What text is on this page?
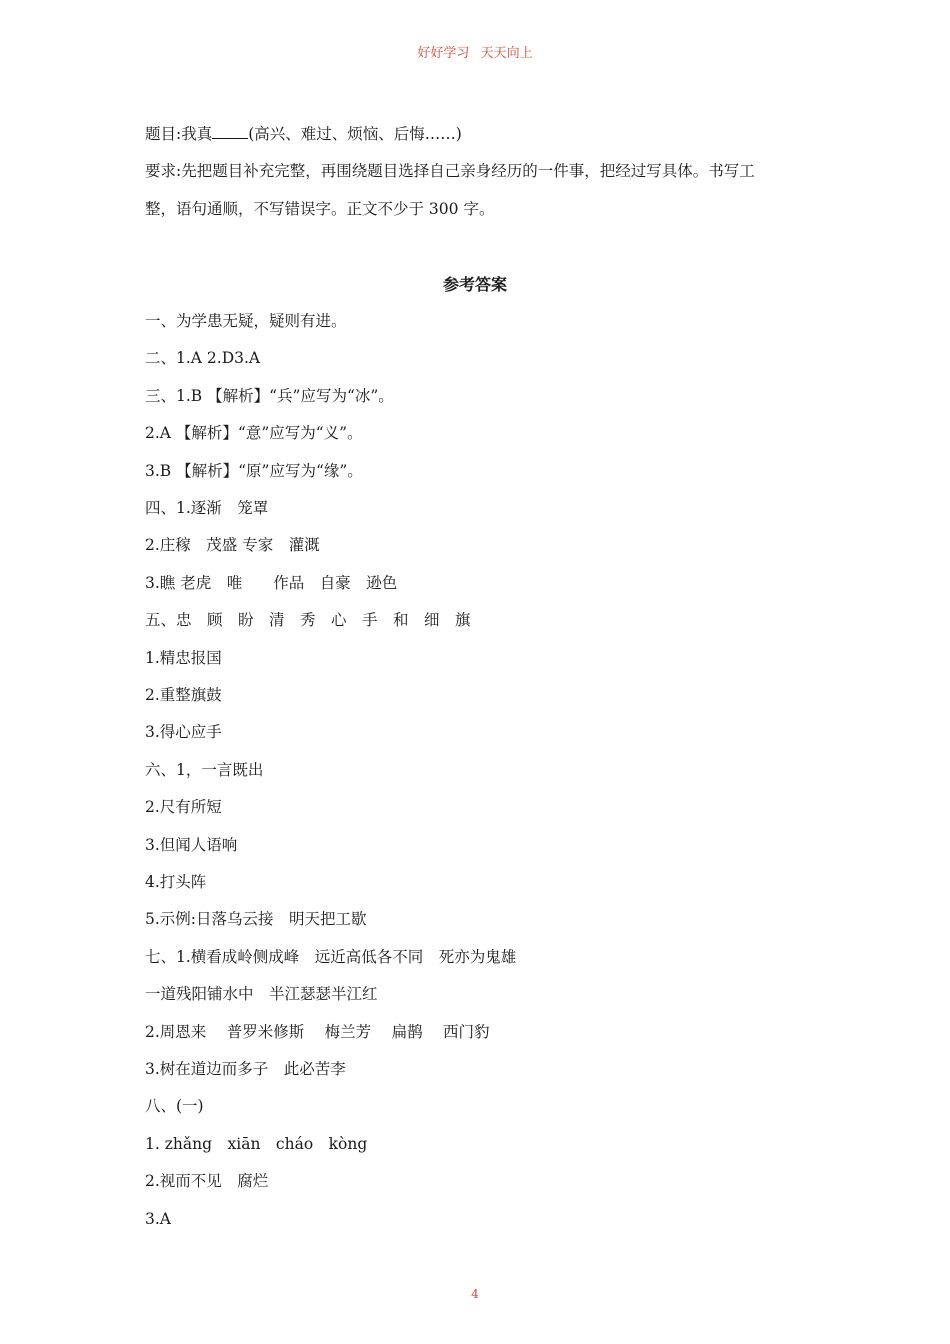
好好学习 天天向上
题目:我真 (高兴、难过、烦恼、后悔……)
要求:先把题目补充完整，再围绕题目选择自己亲身经历的一件事，把经过写具体。书写工
整，语句通顺，不写错误字。正文不少于 300 字。
参考答案
一、为学患无疑，疑则有进。
二、1.A 2.D3.A
三、1.B 【解析】“兵”应写为“冰”。
2.A 【解析】“意”应写为“义”。
3.B 【解析】“原”应写为“缘”。
四、1.逐渐　笼罩
2.庄稼　茂盛 专家　灌溉
3.瞧 老虎　唯　　作品　自豪　逊色
五、忠　顾　盼　清　秀　心　手　和　细　旗
1.精忠报国
2.重整旗鼓
3.得心应手
六、1，一言既出
2.尺有所短
3.但闻人语响
4.打头阵
5.示例:日落乌云接　明天把工歇
七、1.横看成岭侧成峰　远近高低各不同　死亦为鬼雄
一道残阳铺水中　半江瑟瑟半江红
2.周恩来　 普罗米修斯　 梅兰芳　 扁鹊　 西门豹
3.树在道边而多子　此必苦李
八、(一)
1. zhǎng　xiān　cháo　kòng
2.视而不见　腐烂
3.A
4
